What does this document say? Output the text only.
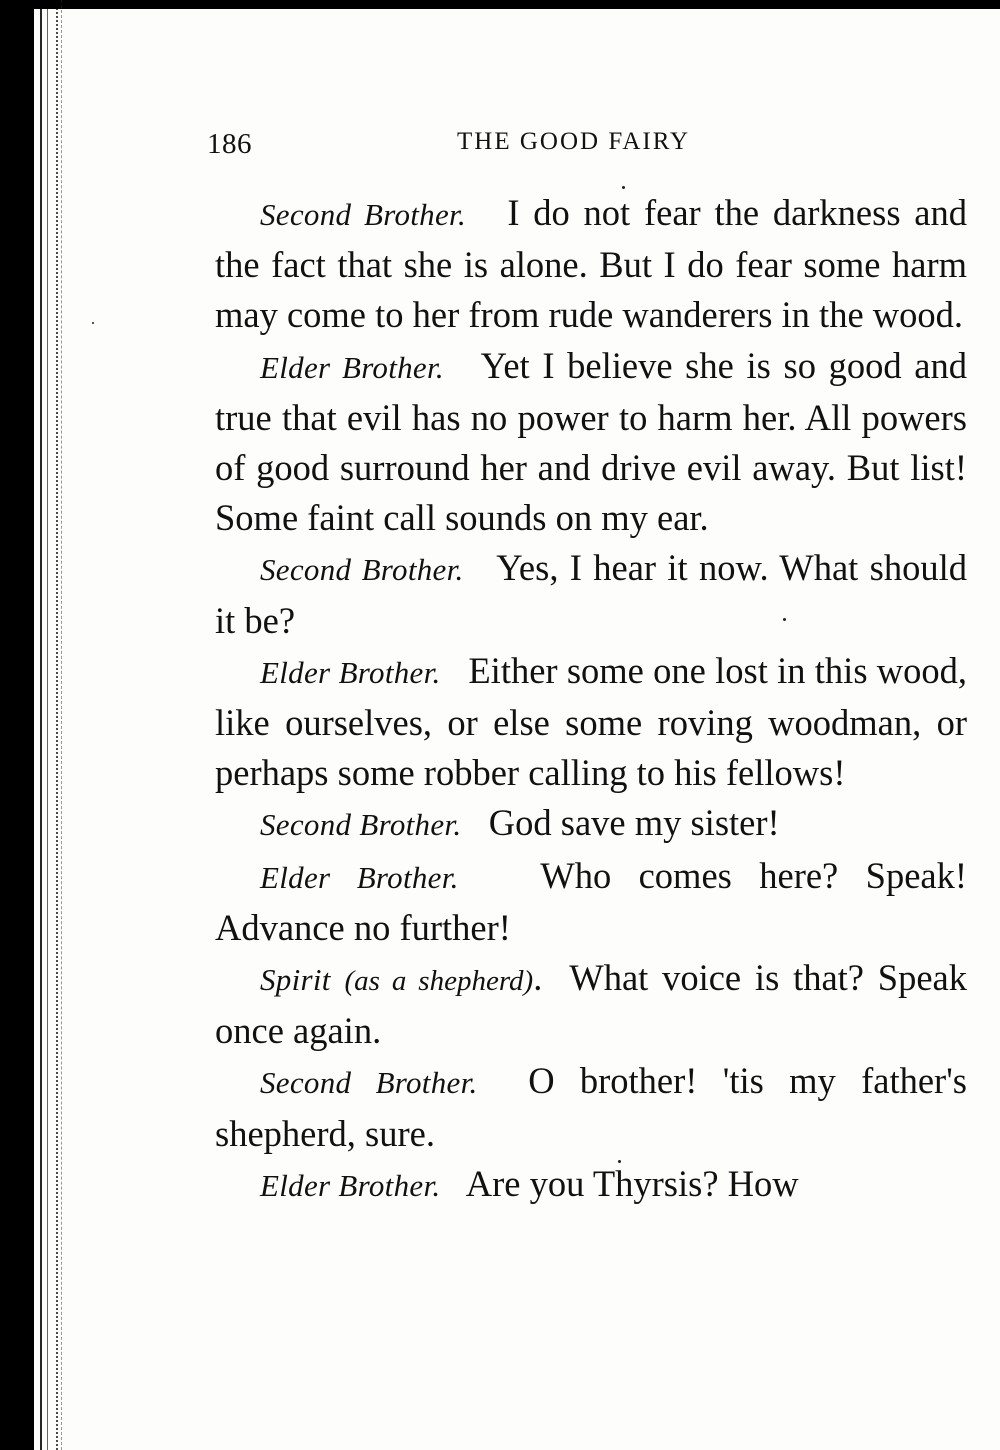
186	THE GOOD FAIRY

Second Brother. I do not fear the darkness and the fact that she is alone. But I do fear some harm may come to her from rude wanderers in the wood.

Elder Brother. Yet I believe she is so good and true that evil has no power to harm her. All powers of good surround her and drive evil away. But list! Some faint call sounds on my ear.

Second Brother. Yes, I hear it now. What should it be?

Elder Brother. Either some one lost in this wood, like ourselves, or else some roving woodman, or perhaps some robber calling to his fellows!

Second Brother. God save my sister!

Elder Brother. Who comes here? Speak! Advance no further!

Spirit (as a shepherd). What voice is that? Speak once again.

Second Brother. O brother! 'tis my father's shepherd, sure.

Elder Brother. Are you Thyrsis? How
